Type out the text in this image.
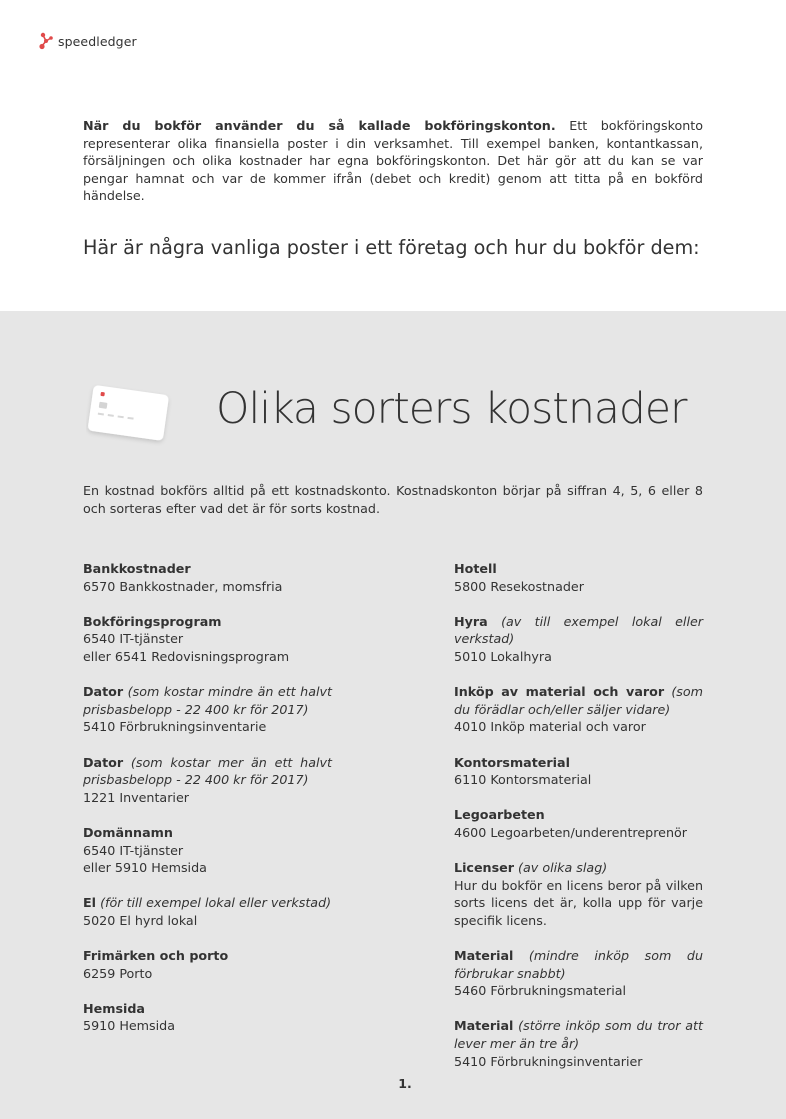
speedledger

När du bokför använder du så kallade bokföringskonton. Ett bokföringskonto representerar olika finansiella poster i din verksamhet. Till exempel banken, kontantkassan, försäljningen och olika kostnader har egna bokföringskonton. Det här gör att du kan se var pengar hamnat och var de kommer ifrån (debet och kredit) genom att titta på en bokförd händelse.

Här är några vanliga poster i ett företag och hur du bokför dem:
Olika sorters kostnader

En kostnad bokförs alltid på ett kostnadskonto. Kostnadskonton börjar på siffran 4, 5, 6 eller 8 och sorteras efter vad det är för sorts kostnad.

Bankkostnader
6570 Bankkostnader, momsfria
Bokföringsprogram
6540 IT-tjänster
eller 6541 Redovisningsprogram
Dator (som kostar mindre än ett halvt prisbasbelopp - 22 400 kr för 2017)
5410 Förbrukningsinventarie
Dator (som kostar mer än ett halvt prisbasbelopp - 22 400 kr för 2017)
1221 Inventarier
Domännamn
6540 IT-tjänster
eller 5910 Hemsida
El (för till exempel lokal eller verkstad)
5020 El hyrd lokal
Frimärken och porto
6259 Porto
Hemsida
5910 Hemsida
Hotell
5800 Resekostnader
Hyra (av till exempel lokal eller verkstad)
5010 Lokalhyra
Inköp av material och varor (som du förädlar och/eller säljer vidare)
4010 Inköp material och varor
Kontorsmaterial
6110 Kontorsmaterial
Legoarbeten
4600 Legoarbeten/underentreprenör
Licenser (av olika slag)
Hur du bokför en licens beror på vilken sorts licens det är, kolla upp för varje specifik licens.
Material (mindre inköp som du förbrukar snabbt)
5460 Förbrukningsmaterial
Material (större inköp som du tror att lever mer än tre år)
5410 Förbrukningsinventarier
1.
